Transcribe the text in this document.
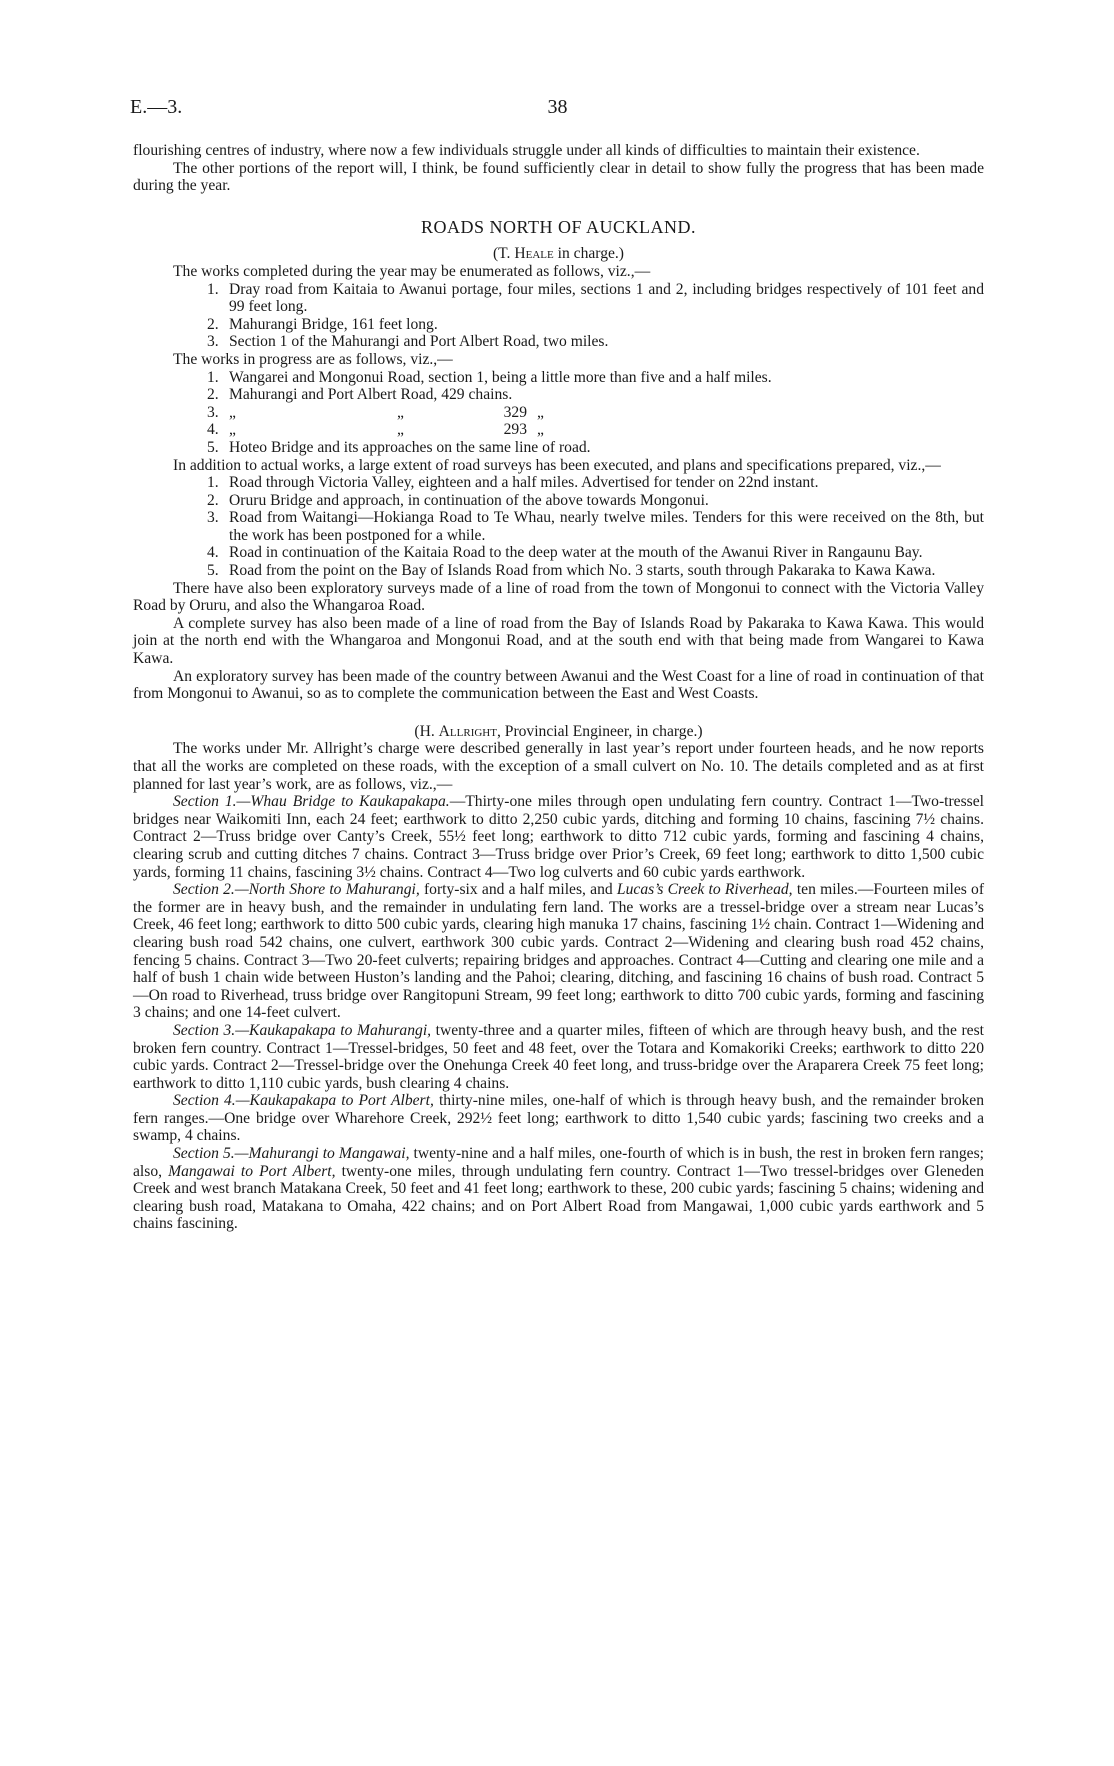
E.—3.	38

flourishing centres of industry, where now a few individuals struggle under all kinds of difficulties to maintain their existence.

The other portions of the report will, I think, be found sufficiently clear in detail to show fully the progress that has been made during the year.

ROADS NORTH OF AUCKLAND.

(T. Heale in charge.)

The works completed during the year may be enumerated as follows, viz.,—

1. Dray road from Kaitaia to Awanui portage, four miles, sections 1 and 2, including bridges respectively of 101 feet and 99 feet long.

2. Mahurangi Bridge, 161 feet long.

3. Section 1 of the Mahurangi and Port Albert Road, two miles.

The works in progress are as follows, viz.,—

1. Wangarei and Mongonui Road, section 1, being a little more than five and a half miles.

2. Mahurangi and Port Albert Road, 429 chains.

3. „	„	329 „

4. „	„	293 „

5. Hoteo Bridge and its approaches on the same line of road.

In addition to actual works, a large extent of road surveys has been executed, and plans and specifications prepared, viz.,—

1. Road through Victoria Valley, eighteen and a half miles. Advertised for tender on 22nd instant.

2. Oruru Bridge and approach, in continuation of the above towards Mongonui.

3. Road from Waitangi—Hokianga Road to Te Whau, nearly twelve miles. Tenders for this were received on the 8th, but the work has been postponed for a while.

4. Road in continuation of the Kaitaia Road to the deep water at the mouth of the Awanui River in Rangaunu Bay.

5. Road from the point on the Bay of Islands Road from which No. 3 starts, south through Pakaraka to Kawa Kawa.

There have also been exploratory surveys made of a line of road from the town of Mongonui to connect with the Victoria Valley Road by Oruru, and also the Whangaroa Road.

A complete survey has also been made of a line of road from the Bay of Islands Road by Pakaraka to Kawa Kawa. This would join at the north end with the Whangaroa and Mongonui Road, and at the south end with that being made from Wangarei to Kawa Kawa.

An exploratory survey has been made of the country between Awanui and the West Coast for a line of road in continuation of that from Mongonui to Awanui, so as to complete the communication between the East and West Coasts.

(H. Allright, Provincial Engineer, in charge.)

The works under Mr. Allright’s charge were described generally in last year’s report under fourteen heads, and he now reports that all the works are completed on these roads, with the exception of a small culvert on No. 10. The details completed and as at first planned for last year’s work, are as follows, viz.,—

Section 1.—Whau Bridge to Kaukapakapa.—Thirty-one miles through open undulating fern country. Contract 1—Two-tressel bridges near Waikomiti Inn, each 24 feet; earthwork to ditto 2,250 cubic yards, ditching and forming 10 chains, fascining 7½ chains. Contract 2—Truss bridge over Canty’s Creek, 55½ feet long; earthwork to ditto 712 cubic yards, forming and fascining 4 chains, clearing scrub and cutting ditches 7 chains. Contract 3—Truss bridge over Prior’s Creek, 69 feet long; earthwork to ditto 1,500 cubic yards, forming 11 chains, fascining 3½ chains. Contract 4—Two log culverts and 60 cubic yards earthwork.

Section 2.—North Shore to Mahurangi, forty-six and a half miles, and Lucas’s Creek to Riverhead, ten miles.—Fourteen miles of the former are in heavy bush, and the remainder in undulating fern land. The works are a tressel-bridge over a stream near Lucas’s Creek, 46 feet long; earthwork to ditto 500 cubic yards, clearing high manuka 17 chains, fascining 1½ chain. Contract 1—Widening and clearing bush road 542 chains, one culvert, earthwork 300 cubic yards. Contract 2—Widening and clearing bush road 452 chains, fencing 5 chains. Contract 3—Two 20-feet culverts; repairing bridges and approaches. Contract 4—Cutting and clearing one mile and a half of bush 1 chain wide between Huston’s landing and the Pahoi; clearing, ditching, and fascining 16 chains of bush road. Contract 5—On road to Riverhead, truss bridge over Rangitopuni Stream, 99 feet long; earthwork to ditto 700 cubic yards, forming and fascining 3 chains; and one 14-feet culvert.

Section 3.—Kaukapakapa to Mahurangi, twenty-three and a quarter miles, fifteen of which are through heavy bush, and the rest broken fern country. Contract 1—Tressel-bridges, 50 feet and 48 feet, over the Totara and Komakoriki Creeks; earthwork to ditto 220 cubic yards. Contract 2—Tressel-bridge over the Onehunga Creek 40 feet long, and truss-bridge over the Araparera Creek 75 feet long; earthwork to ditto 1,110 cubic yards, bush clearing 4 chains.

Section 4.—Kaukapakapa to Port Albert, thirty-nine miles, one-half of which is through heavy bush, and the remainder broken fern ranges.—One bridge over Wharehore Creek, 292½ feet long; earthwork to ditto 1,540 cubic yards; fascining two creeks and a swamp, 4 chains.

Section 5.—Mahurangi to Mangawai, twenty-nine and a half miles, one-fourth of which is in bush, the rest in broken fern ranges; also, Mangawai to Port Albert, twenty-one miles, through undulating fern country. Contract 1—Two tressel-bridges over Gleneden Creek and west branch Matakana Creek, 50 feet and 41 feet long; earthwork to these, 200 cubic yards; fascining 5 chains; widening and clearing bush road, Matakana to Omaha, 422 chains; and on Port Albert Road from Mangawai, 1,000 cubic yards earthwork and 5 chains fascining.
